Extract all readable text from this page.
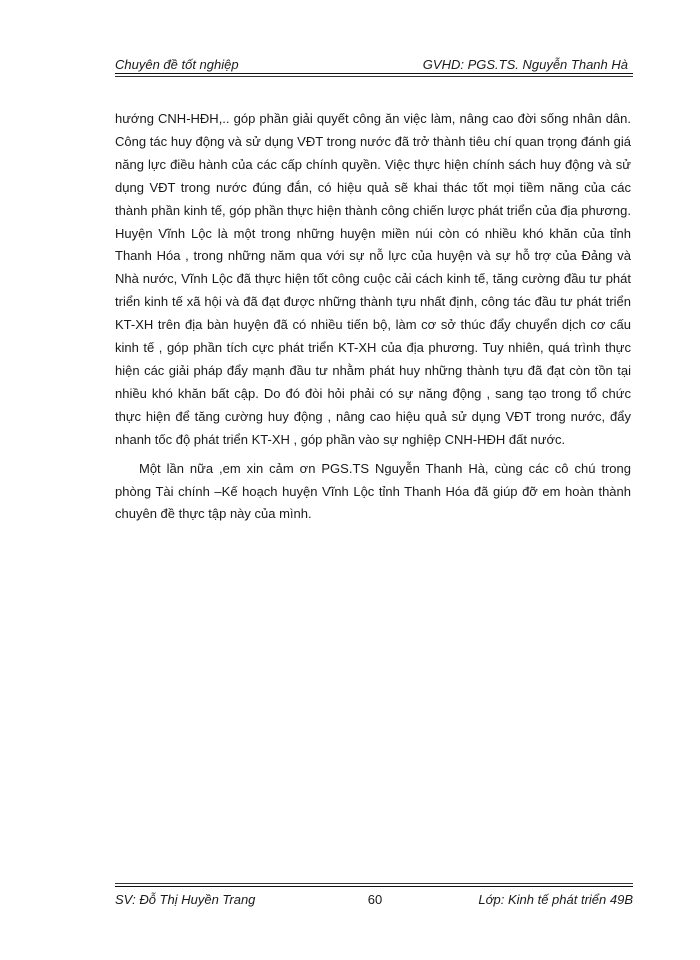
Chuyên đề tốt nghiệp	GVHD: PGS.TS. Nguyễn Thanh Hà

hướng CNH-HĐH,.. góp phần giải quyết công ăn việc làm, nâng cao đời sống nhân dân. Công tác huy động và sử dụng VĐT trong nước đã trở thành tiêu chí quan trọng đánh giá năng lực điều hành của các cấp chính quyền. Việc thực hiện chính sách huy động và sử dụng VĐT trong nước đúng đắn, có hiệu quả sẽ khai thác tốt mọi tiềm năng của các thành phần kinh tế, góp phần thực hiện thành công chiến lược phát triển của địa phương. Huyện Vĩnh Lộc là một trong những huyện miền núi còn có nhiều khó khăn của tỉnh Thanh Hóa , trong những năm qua với sự nỗ lực của huyện và sự hỗ trợ của Đảng và Nhà nước, Vĩnh Lộc đã thực hiện tốt công cuộc cải cách kinh tế, tăng cường đầu tư phát triển kinh tế xã hội và đã đạt được những thành tựu nhất định, công tác đầu tư phát triển KT-XH trên địa bàn huyện đã có nhiều tiến bộ, làm cơ sở thúc đẩy chuyển dịch cơ cấu kinh tế , góp phần tích cực phát triển KT-XH của địa phương. Tuy nhiên, quá trình thực hiện các giải pháp đẩy mạnh đầu tư nhằm phát huy những thành tựu đã đạt còn tồn tại nhiều khó khăn bất cập. Do đó đòi hỏi phải có sự năng động , sang tạo trong tổ chức thực hiện để tăng cường huy động , nâng cao hiệu quả sử dụng VĐT trong nước, đẩy nhanh tốc độ phát triển KT-XH , góp phần vào sự nghiệp CNH-HĐH đất nước.

Một lần nữa ,em xin cảm ơn PGS.TS Nguyễn Thanh Hà, cùng các cô chú trong phòng Tài chính –Kế hoạch huyện Vĩnh Lộc tỉnh Thanh Hóa đã giúp đỡ em hoàn thành chuyên đề thực tập này của mình.

SV: Đỗ Thị Huyền Trang	60	Lớp: Kinh tế phát triển 49B
